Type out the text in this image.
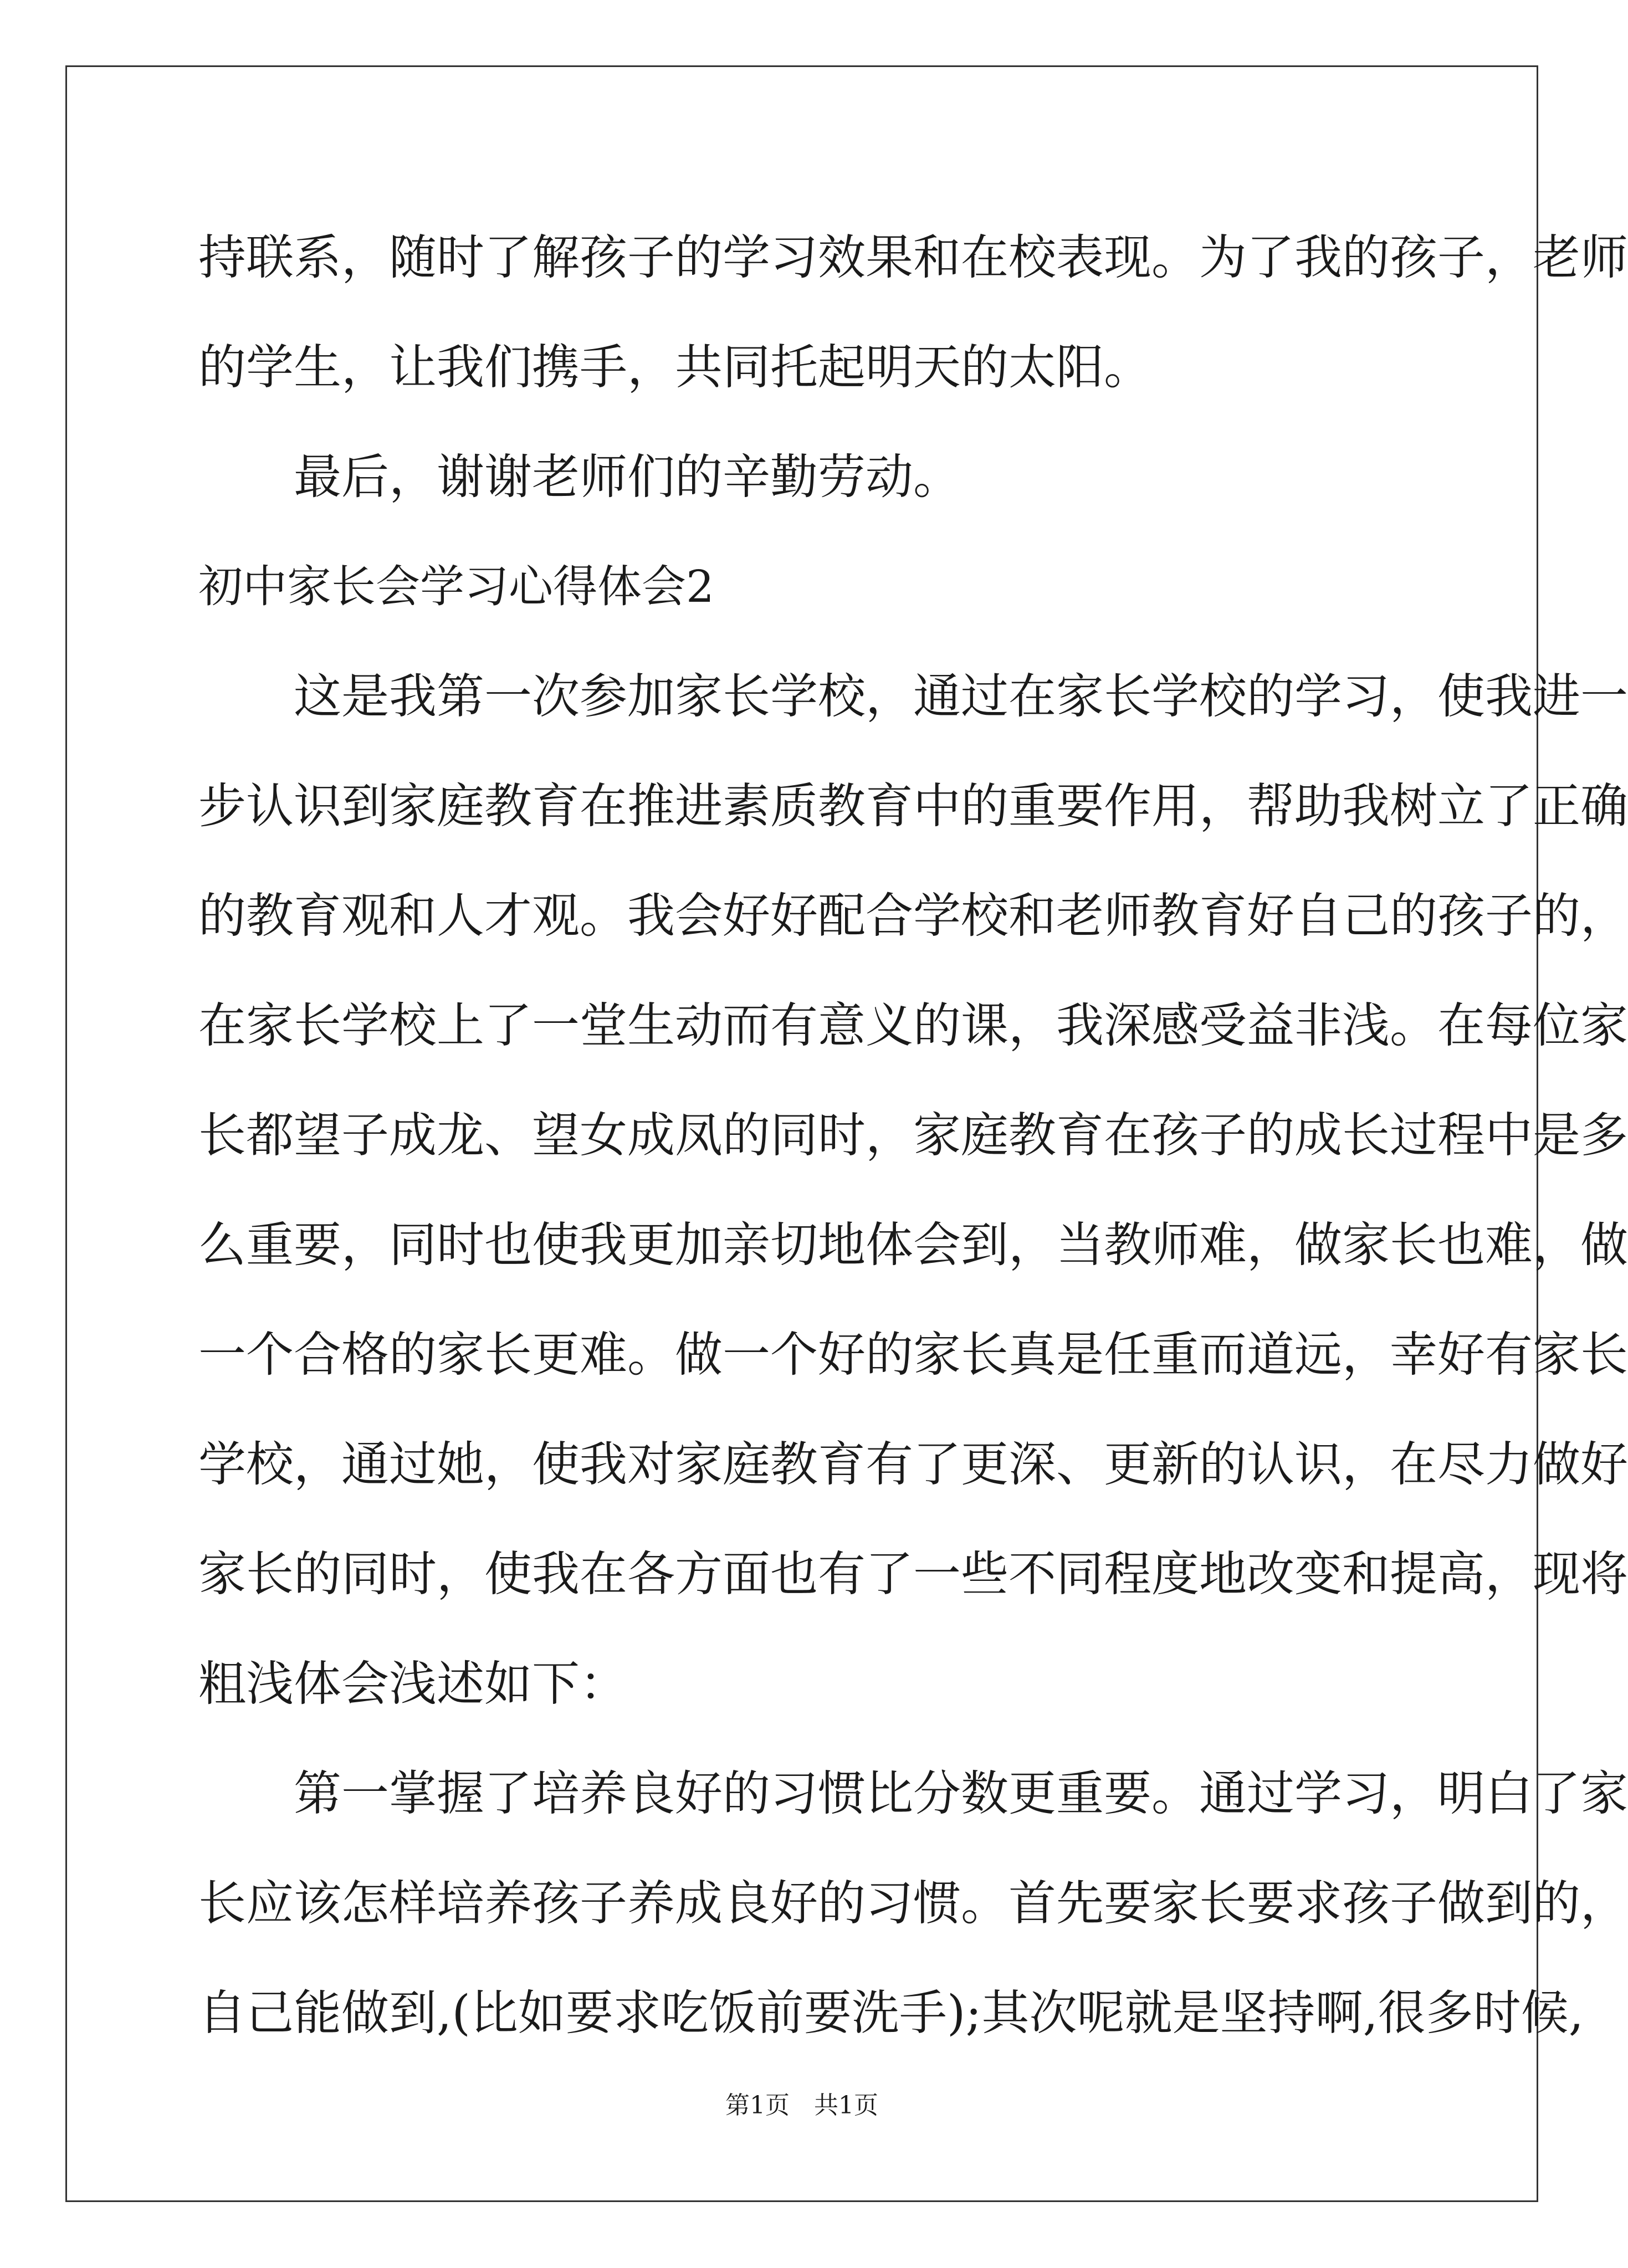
持 联 系 ， 随 时 了 解 孩 子 的 学 习 效 果 和 在 校 表 现 。 为 了 我 的 孩 子 ， 老 师
的学生，让我们携手，共同托起明天的太阳。
最后，谢谢老师们的辛勤劳动。
初中家长会学习心得体会2
这 是 我 第 一 次 参 加 家 长 学 校 ， 通 过 在 家 长 学 校 的 学 习 ， 使 我 进 一
步 认 识 到 家 庭 教 育 在 推 进 素 质 教 育 中 的 重 要 作 用 ， 帮 助 我 树 立 了 正 确
的 教 育 观 和 人 才 观 。 我 会 好 好 配 合 学 校 和 老 师 教 育 好 自 己 的 孩 子 的 ，
在 家 长 学 校 上 了 一 堂 生 动 而 有 意 义 的 课 ， 我 深 感 受 益 非 浅 。 在 每 位 家
长 都 望 子 成 龙 、 望 女 成 凤 的 同 时 ， 家 庭 教 育 在 孩 子 的 成 长 过 程 中 是 多
么 重 要 ， 同 时 也 使 我 更 加 亲 切 地 体 会 到 ， 当 教 师 难 ， 做 家 长 也 难 ， 做
一 个 合 格 的 家 长 更 难 。 做 一 个 好 的 家 长 真 是 任 重 而 道 远 ， 幸 好 有 家 长
学 校 ， 通 过 她 ， 使 我 对 家 庭 教 育 有 了 更 深 、 更 新 的 认 识 ， 在 尽 力 做 好
家 长 的 同 时 ， 使 我 在 各 方 面 也 有 了 一 些 不 同 程 度 地 改 变 和 提 高 ， 现 将
粗浅体会浅述如下：
第 一 掌 握 了 培 养 良 好 的 习 惯 比 分 数 更 重 要 。 通 过 学 习 ， 明 白 了 家
长 应 该 怎 样 培 养 孩 子 养 成 良 好 的 习 惯 。 首 先 要 家 长 要 求 孩 子 做 到 的 ，
自 己 能 做 到 , ( 比 如 要 求 吃 饭 前 要 洗 手 ) ; 其 次 呢 就 是 坚 持 啊 , 很 多 时 候 ,
第1页　共1页
